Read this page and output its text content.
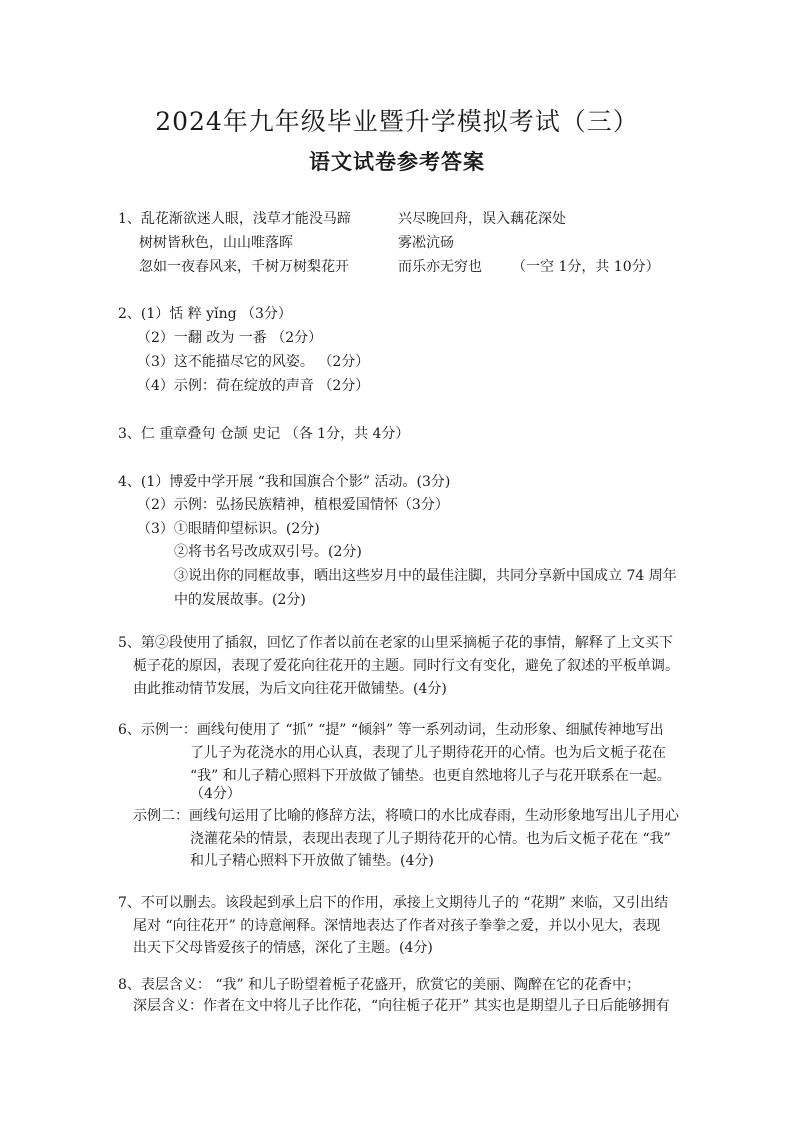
2024年九年级毕业暨升学模拟考试（三）
语文试卷参考答案
1、乱花渐欲迷人眼，浅草才能没马蹄	兴尽晚回舟，误入藕花深处
树树皆秋色，山山唯落晖	雾凇沆砀
忽如一夜春风来，千树万树梨花开	而乐亦无穷也 （一空 1分，共 10分）
2、(1）恬 粹 yǐng （3分）
（2）一翻 改为 一番 （2分）
（3）这不能描尽它的风姿。 （2分）
（4）示例：荷在绽放的声音 （2分）
3、仁 重章叠句 仓颉 史记 （各 1分，共 4分）
4、(1）博爱中学开展 “我和国旗合个影” 活动。(3分)
（2）示例：弘扬民族精神，植根爱国情怀（3分）
（3）①眼睛仰望标识。(2分)
②将书名号改成双引号。(2分)
③说出你的同框故事，晒出这些岁月中的最佳注脚，共同分享新中国成立 74 周年
中的发展故事。(2分)
5、第②段使用了插叙，回忆了作者以前在老家的山里采摘栀子花的事情，解释了上文买下
栀子花的原因，表现了爱花向往花开的主题。同时行文有变化，避免了叙述的平板单调。
由此推动情节发展，为后文向往花开做铺垫。(4分)
6、示例一：画线句使用了 “抓” “提” “倾斜” 等一系列动词，生动形象、细腻传神地写出
了儿子为花浇水的用心认真，表现了儿子期待花开的心情。也为后文栀子花在
“我” 和儿子精心照料下开放做了铺垫。也更自然地将儿子与花开联系在一起。
（4分）
示例二：画线句运用了比喻的修辞方法，将喷口的水比成春雨，生动形象地写出儿子用心
浇灌花朵的情景，表现出表现了儿子期待花开的心情。也为后文栀子花在 “我”
和儿子精心照料下开放做了铺垫。(4分)
7、不可以删去。该段起到承上启下的作用，承接上文期待儿子的 “花期” 来临，又引出结
尾对 “向往花开” 的诗意阐释。深情地表达了作者对孩子拳拳之爱，并以小见大，表现
出天下父母皆爱孩子的情感，深化了主题。(4分)
8、表层含义： “我” 和儿子盼望着栀子花盛开，欣赏它的美丽、陶醉在它的花香中；
深层含义：作者在文中将儿子比作花，“向往栀子花开” 其实也是期望儿子日后能够拥有
